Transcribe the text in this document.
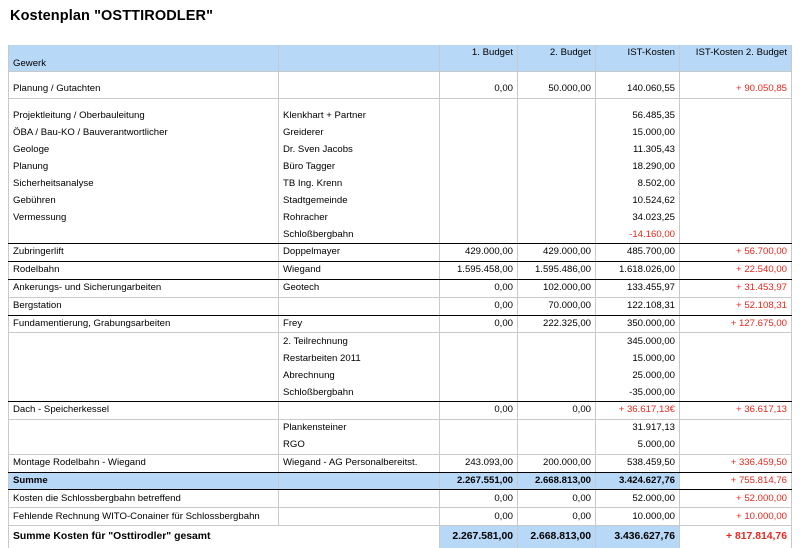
Kostenplan "OSTTIRODLER"
Gewerk		1. Budget	2. Budget	IST-Kosten	IST-Kosten 2. Budget

Planung / Gutachten		0,00	50.000,00	140.060,55	+ 90.050,85

Projektleitung / Oberbauleitung	Klenkhart + Partner			56.485,35	
ÖBA / Bau-KO / Bauverantwortlicher	Greiderer			15.000,00	
Geologe	Dr. Sven Jacobs			11.305,43	
Planung	Büro Tagger			18.290,00	
Sicherheitsanalyse	TB Ing. Krenn			8.502,00	
Gebühren	Stadtgemeinde			10.524,62	
Vermessung	Rohracher			34.023,25	
	Schloßbergbahn			-14.160,00	
Zubringerlift	Doppelmayer	429.000,00	429.000,00	485.700,00	+ 56.700,00
Rodelbahn	Wiegand	1.595.458,00	1.595.486,00	1.618.026,00	+ 22.540,00
Ankerungs- und Sicherungarbeiten	Geotech	0,00	102.000,00	133.455,97	+ 31.453,97
Bergstation		0,00	70.000,00	122.108,31	+ 52.108,31
Fundamentierung, Grabungsarbeiten	Frey	0,00	222.325,00	350.000,00	+ 127.675,00
	2. Teilrechnung			345.000,00	
	Restarbeiten 2011			15.000,00	
	Abrechnung			25.000,00	
	Schloßbergbahn			-35.000,00	
Dach - Speicherkessel		0,00	0,00	+ 36.617,13€	+ 36.617,13
	Plankensteiner			31.917,13	
	RGO			5.000,00	
Montage Rodelbahn - Wiegand	Wiegand - AG Personalbereitst.	243.093,00	200.000,00	538.459,50	+ 336.459,50
Summe		2.267.551,00	2.668.813,00	3.424.627,76	+ 755.814,76
Kosten die Schlossbergbahn betreffend		0,00	0,00	52.000,00	+ 52.000,00
Fehlende Rechnung WITO-Conainer für Schlossbergbahn		0,00	0,00	10.000,00	+ 10.000,00
Summe Kosten für "Osttirodler" gesamt		2.267.581,00	2.668.813,00	3.436.627,76	+ 817.814,76
